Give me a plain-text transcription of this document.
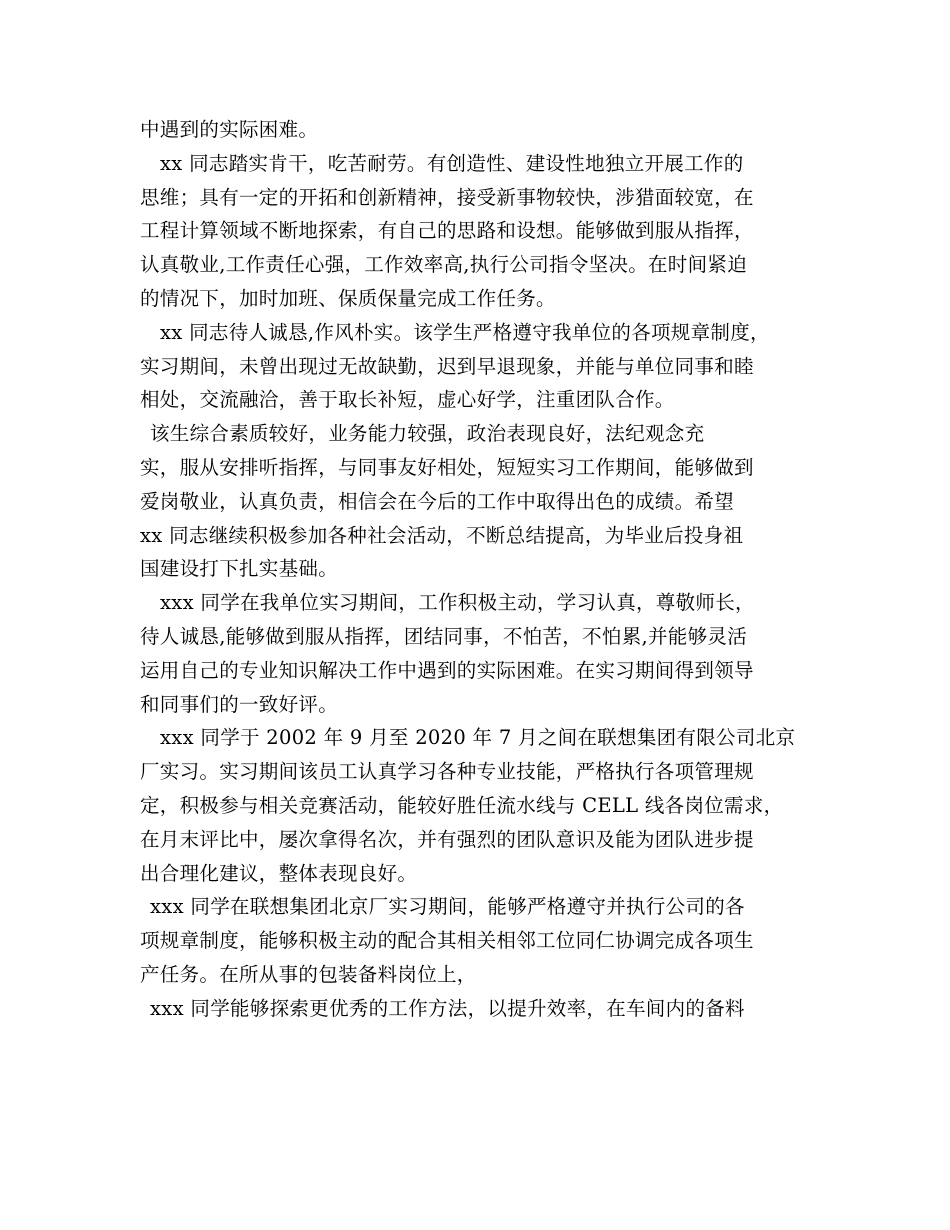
中遇到的实际困难。
xx 同志踏实肯干，吃苦耐劳。有创造性、建设性地独立开展工作的
思维；具有一定的开拓和创新精神，接受新事物较快，涉猎面较宽，在
工程计算领域不断地探索，有自己的思路和设想。能够做到服从指挥，
认真敬业,工作责任心强，工作效率高,执行公司指令坚决。在时间紧迫
的情况下，加时加班、保质保量完成工作任务。
xx 同志待人诚恳,作风朴实。该学生严格遵守我单位的各项规章制度，
实习期间，未曾出现过无故缺勤，迟到早退现象，并能与单位同事和睦
相处，交流融洽，善于取长补短，虚心好学，注重团队合作。
该生综合素质较好，业务能力较强，政治表现良好，法纪观念充
实，服从安排听指挥，与同事友好相处，短短实习工作期间，能够做到
爱岗敬业，认真负责，相信会在今后的工作中取得出色的成绩。希望
xx 同志继续积极参加各种社会活动，不断总结提高，为毕业后投身祖
国建设打下扎实基础。
xxx 同学在我单位实习期间，工作积极主动，学习认真，尊敬师长，
待人诚恳,能够做到服从指挥，团结同事，不怕苦，不怕累,并能够灵活
运用自己的专业知识解决工作中遇到的实际困难。在实习期间得到领导
和同事们的一致好评。
xxx 同学于 2002 年 9 月至 2020 年 7 月之间在联想集团有限公司北京
厂实习。实习期间该员工认真学习各种专业技能，严格执行各项管理规
定，积极参与相关竞赛活动，能较好胜任流水线与 CELL 线各岗位需求，
在月末评比中，屡次拿得名次，并有强烈的团队意识及能为团队进步提
出合理化建议，整体表现良好。
xxx 同学在联想集团北京厂实习期间，能够严格遵守并执行公司的各
项规章制度，能够积极主动的配合其相关相邻工位同仁协调完成各项生
产任务。在所从事的包装备料岗位上，
xxx 同学能够探索更优秀的工作方法，以提升效率，在车间内的备料
